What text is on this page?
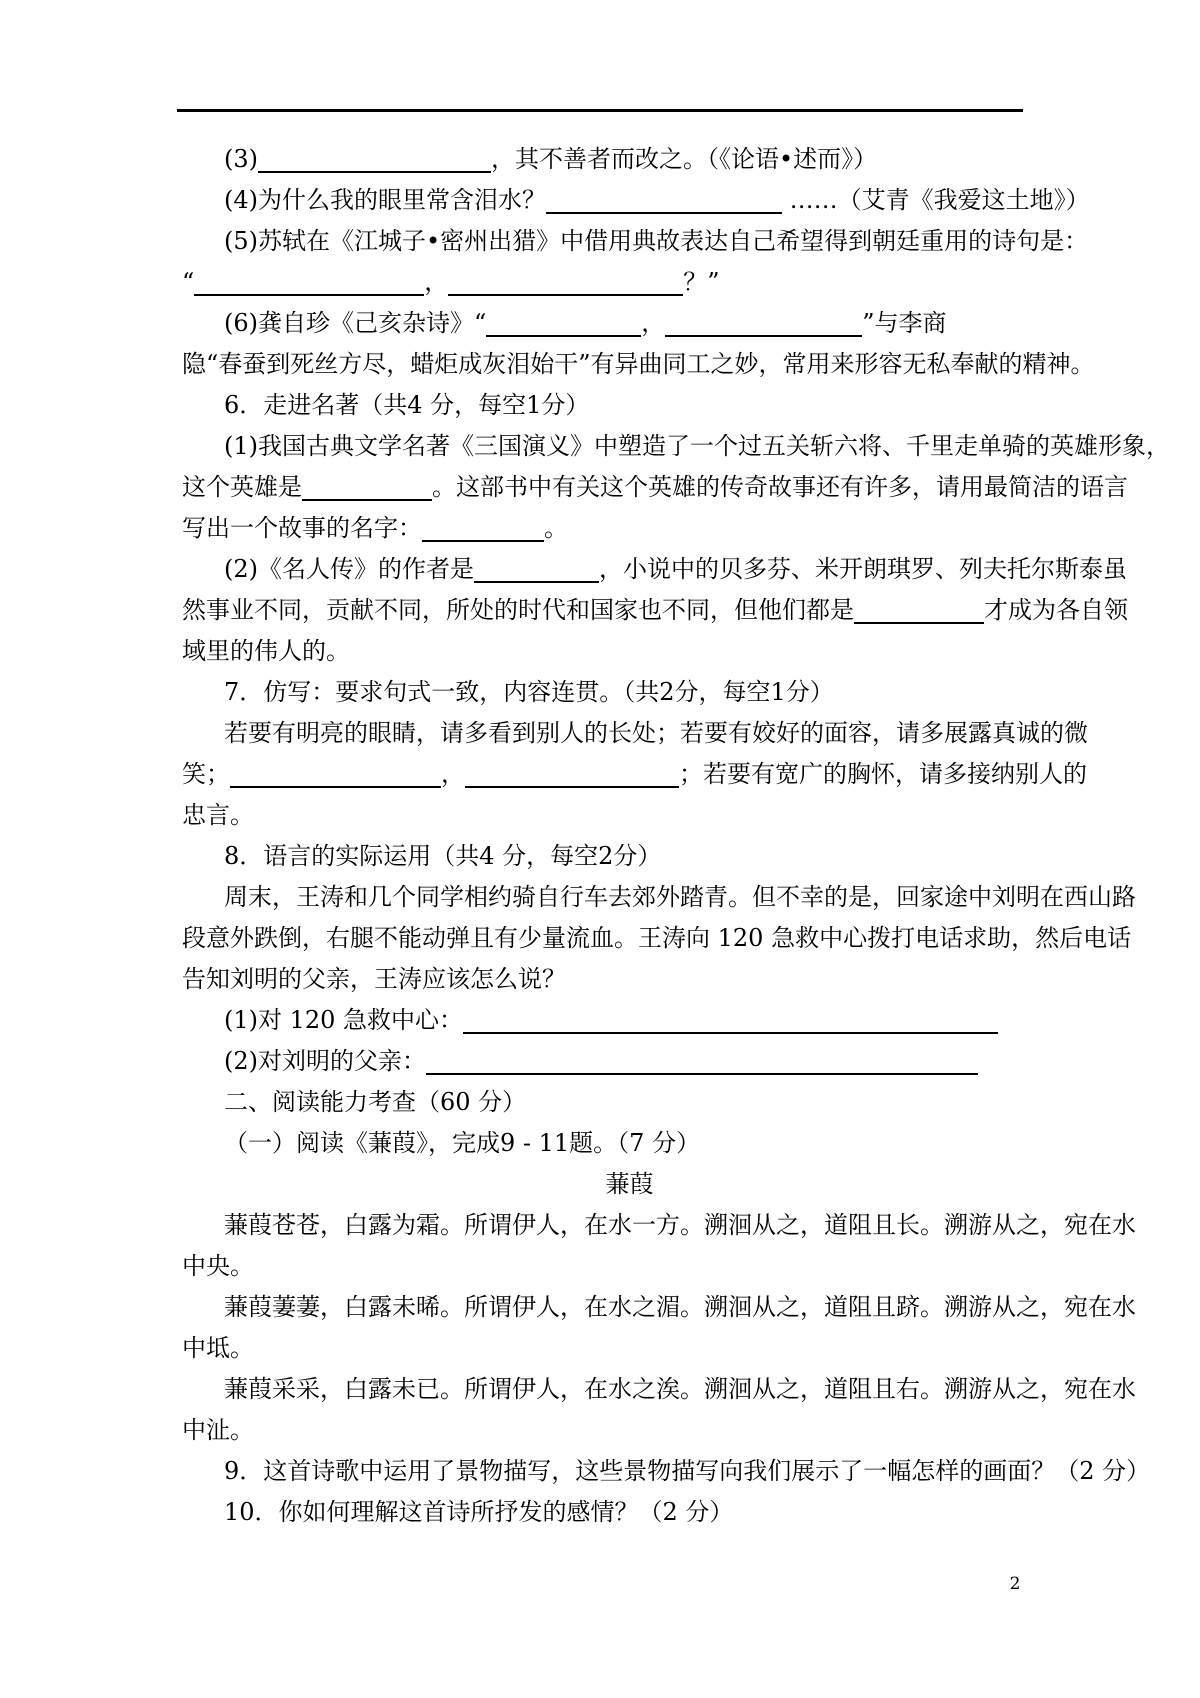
(3)	，其不善者而改之。（《论语•述而》）
(4)为什么我的眼里常含泪水？	……（艾青《我爱这土地》）
(5)苏轼在《江城子•密州出猎》中借用典故表达自己希望得到朝廷重用的诗句是：
“	，	？”
(6)龚自珍《己亥杂诗》“	，	”与李商
隐“春蚕到死丝方尽，蜡炬成灰泪始干”有异曲同工之妙，常用来形容无私奉献的精神。
6．走进名著（共4 分，每空1分）
(1)我国古典文学名著《三国演义》中塑造了一个过五关斩六将、千里走单骑的英雄形象，
这个英雄是	。这部书中有关这个英雄的传奇故事还有许多，请用最简洁的语言
写出一个故事的名字：	。
(2)《名人传》的作者是	，小说中的贝多芬、米开朗琪罗、列夫托尔斯泰虽
然事业不同，贡献不同，所处的时代和国家也不同，但他们都是	才成为各自领
域里的伟人的。
7．仿写：要求句式一致，内容连贯。（共2分，每空1分）
若要有明亮的眼睛，请多看到别人的长处；若要有姣好的面容，请多展露真诚的微
笑；	，	；若要有宽广的胸怀，请多接纳别人的
忠言。
8．语言的实际运用（共4 分，每空2分）
周末，王涛和几个同学相约骑自行车去郊外踏青。但不幸的是，回家途中刘明在西山路
段意外跌倒，右腿不能动弹且有少量流血。王涛向 120 急救中心拨打电话求助，然后电话
告知刘明的父亲，王涛应该怎么说？
(1)对 120 急救中心：
(2)对刘明的父亲：
二、阅读能力考查（60 分）
（一）阅读《蒹葭》，完成9 - 11题。（7 分）
蒹葭
蒹葭苍苍，白露为霜。所谓伊人，在水一方。溯洄从之，道阻且长。溯游从之，宛在水
中央。
蒹葭萋萋，白露未晞。所谓伊人，在水之湄。溯洄从之，道阻且跻。溯游从之，宛在水
中坻。
蒹葭采采，白露未已。所谓伊人，在水之涘。溯洄从之，道阻且右。溯游从之，宛在水
中沚。
9．这首诗歌中运用了景物描写，这些景物描写向我们展示了一幅怎样的画面？（2 分）
10．你如何理解这首诗所抒发的感情？（2 分）
2
